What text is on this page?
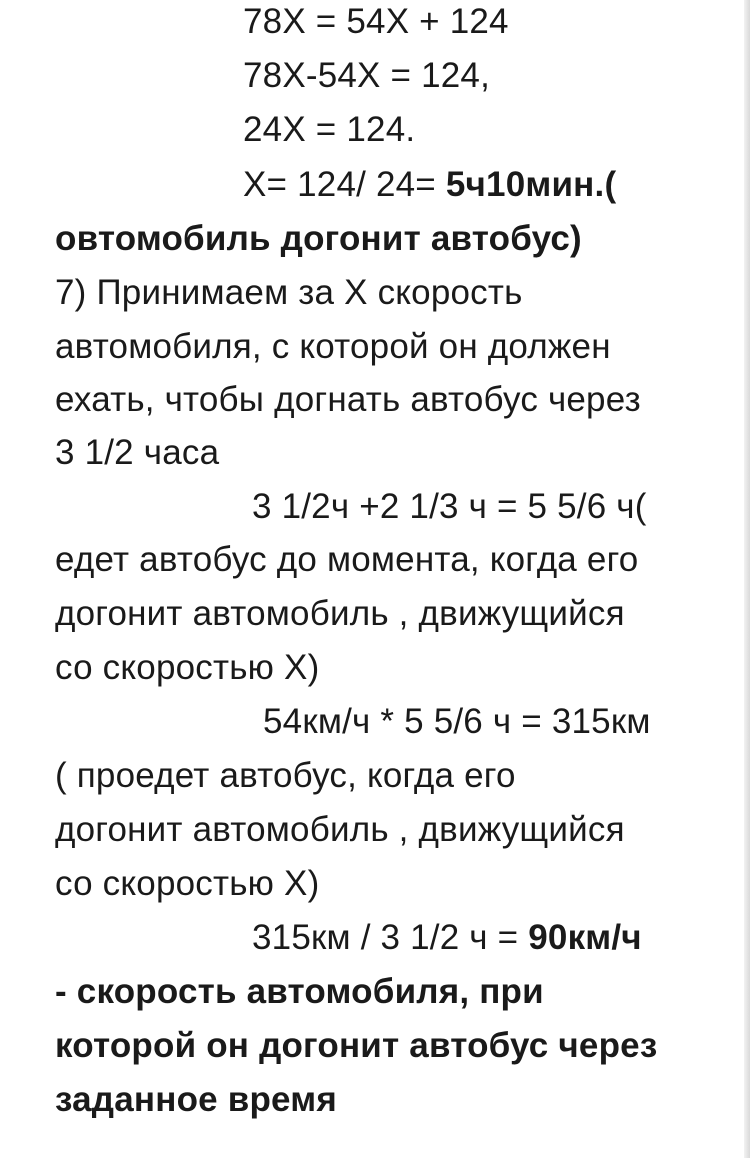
78X = 54X + 124

78X-54X = 124,

24X = 124.

X= 124/ 24= 5ч10мин.(

овтомобиль догонит автобус)

7) Принимаем за X скорость

автомобиля, с которой он должен

ехать, чтобы догнать автобус через

3 1/2 часа

3 1/2ч +2 1/3 ч = 5 5/6 ч(

едет автобус до момента, когда его

догонит автомобиль , движущийся

со скоростью X)

54км/ч * 5 5/6 ч = 315км

( проедет автобус, когда его

догонит автомобиль , движущийся

со скоростью X)

315км / 3 1/2 ч = 90км/ч

- скорость автомобиля, при

которой он догонит автобус через

заданное время
